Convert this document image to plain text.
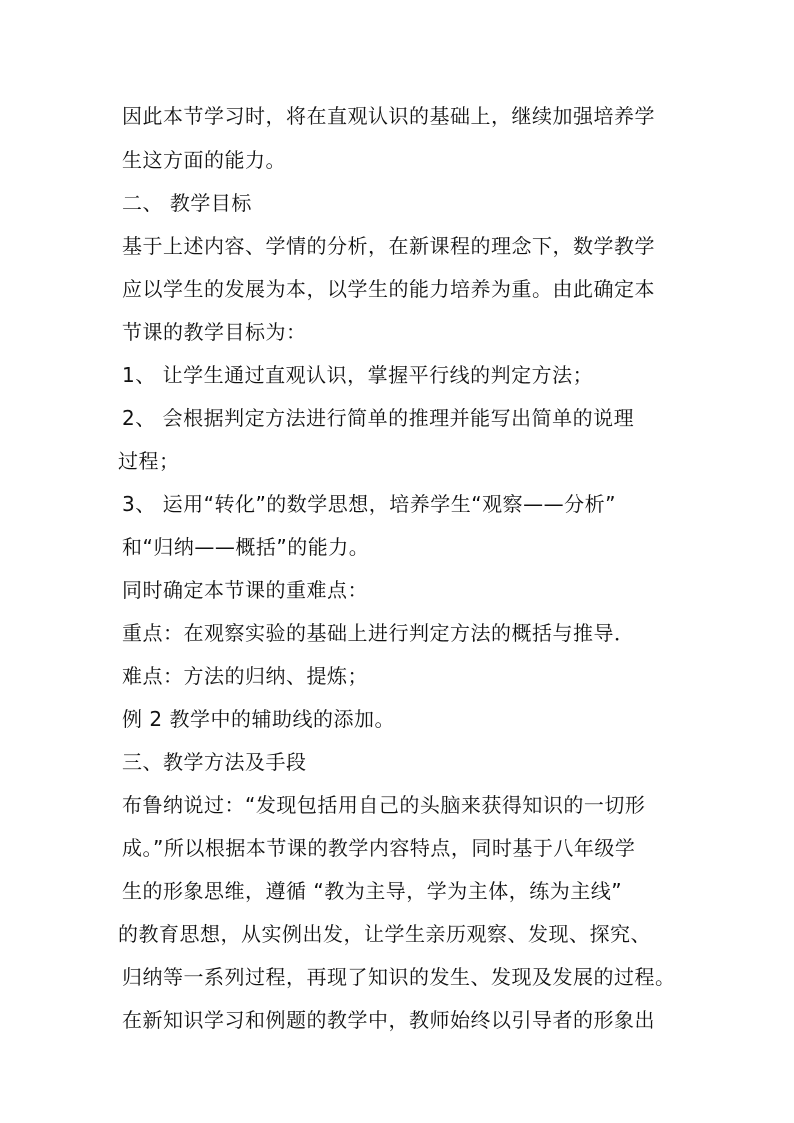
因此本节学习时，将在直观认识的基础上，继续加强培养学
生这方面的能力。
二、 教学目标
基于上述内容、学情的分析，在新课程的理念下，数学教学
应以学生的发展为本，以学生的能力培养为重。由此确定本
节课的教学目标为：
1、 让学生通过直观认识，掌握平行线的判定方法；
2、 会根据判定方法进行简单的推理并能写出简单的说理
过程；
3、 运用“转化”的数学思想，培养学生“观察——分析”
和“归纳——概括”的能力。
同时确定本节课的重难点：
重点：在观察实验的基础上进行判定方法的概括与推导．
难点：方法的归纳、提炼；
例 2 教学中的辅助线的添加。
三、教学方法及手段
布鲁纳说过：“发现包括用自己的头脑来获得知识的一切形
成。”所以根据本节课的教学内容特点，同时基于八年级学
生的形象思维，遵循 “教为主导，学为主体，练为主线”
的教育思想，从实例出发，让学生亲历观察、发现、探究、
归纳等一系列过程，再现了知识的发生、发现及发展的过程。
在新知识学习和例题的教学中，教师始终以引导者的形象出
